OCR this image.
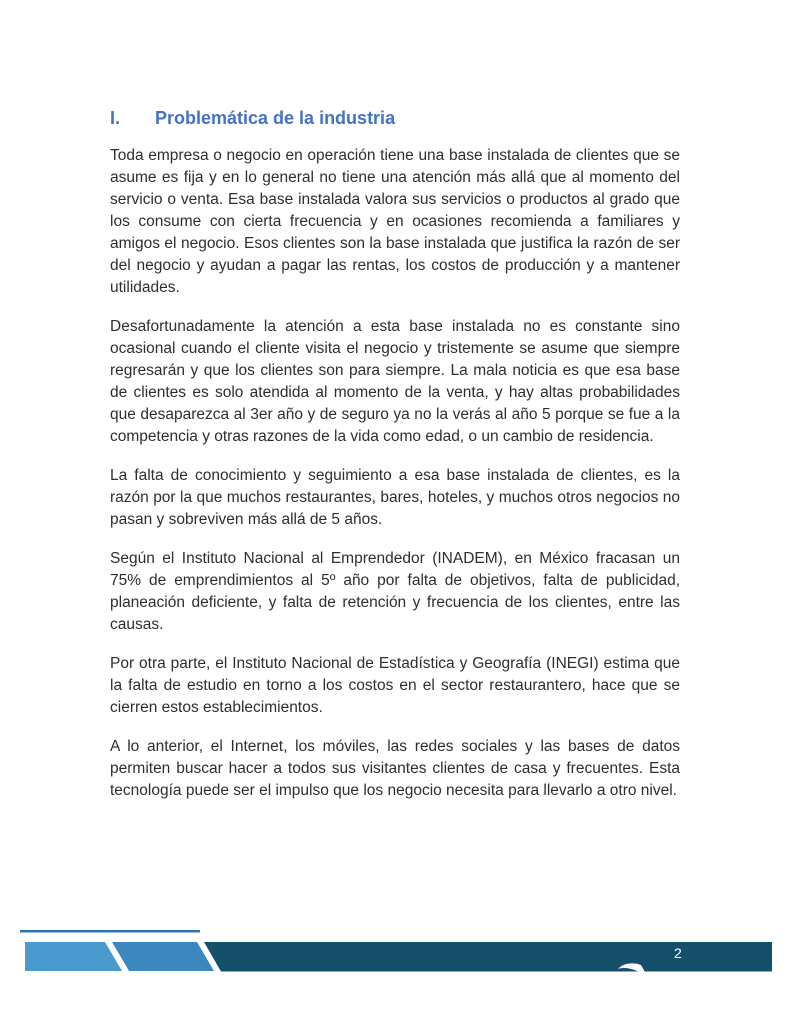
I.	Problemática de la industria

Toda empresa o negocio en operación tiene una base instalada de clientes que se asume es fija y en lo general no tiene una atención más allá que al momento del servicio o venta. Esa base instalada valora sus servicios o productos al grado que los consume con cierta frecuencia y en ocasiones recomienda a familiares y amigos el negocio. Esos clientes son la base instalada que justifica la razón de ser del negocio y ayudan a pagar las rentas, los costos de producción y a mantener utilidades.

Desafortunadamente la atención a esta base instalada no es constante sino ocasional cuando el cliente visita el negocio y tristemente se asume que siempre regresarán y que los clientes son para siempre. La mala noticia es que esa base de clientes es solo atendida al momento de la venta, y hay altas probabilidades que desaparezca al 3er año y de seguro ya no la verás al año 5 porque se fue a la competencia y otras razones de la vida como edad, o un cambio de residencia.

La falta de conocimiento y seguimiento a esa base instalada de clientes, es la razón por la que muchos restaurantes, bares, hoteles, y muchos otros negocios no pasan y sobreviven más allá de 5 años.

Según el Instituto Nacional al Emprendedor (INADEM), en México fracasan un 75% de emprendimientos al 5º año por falta de objetivos, falta de publicidad, planeación deficiente, y falta de retención y frecuencia de los clientes, entre las causas.

Por otra parte, el Instituto Nacional de Estadística y Geografía (INEGI) estima que la falta de estudio en torno a los costos en el sector restaurantero, hace que se cierren estos establecimientos.

A lo anterior, el Internet, los móviles, las redes sociales y las bases de datos permiten buscar hacer a todos sus visitantes clientes de casa y frecuentes. Esta tecnología puede ser el impulso que los negocio necesita para llevarlo a otro nivel.

2
